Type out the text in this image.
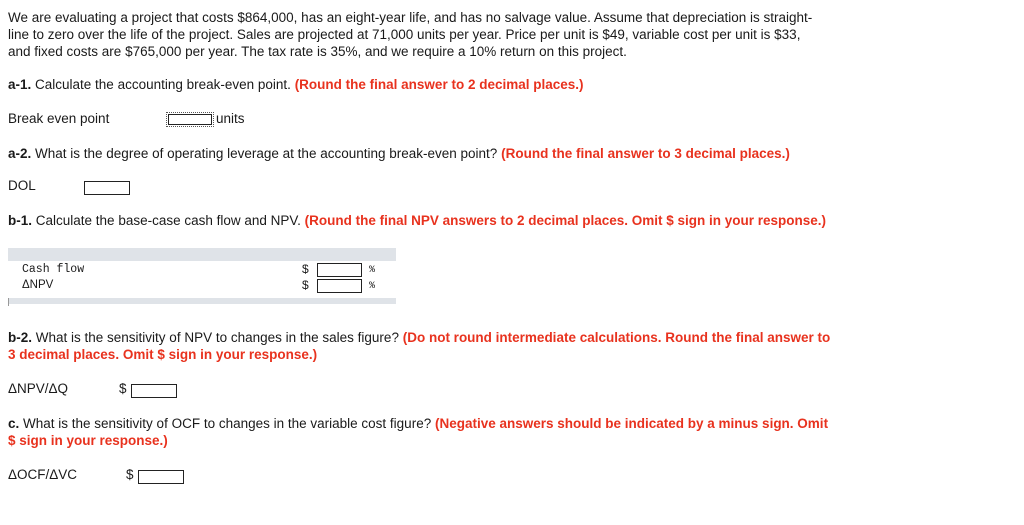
We are evaluating a project that costs $864,000, has an eight-year life, and has no salvage value. Assume that depreciation is straight-
line to zero over the life of the project. Sales are projected at 71,000 units per year. Price per unit is $49, variable cost per unit is $33,
and fixed costs are $765,000 per year. The tax rate is 35%, and we require a 10% return on this project.
a-1. Calculate the accounting break-even point. (Round the final answer to 2 decimal places.)
Break even point	units
a-2. What is the degree of operating leverage at the accounting break-even point? (Round the final answer to 3 decimal places.)
DOL
b-1. Calculate the base-case cash flow and NPV. (Round the final NPV answers to 2 decimal places. Omit $ sign in your response.)
Cash flow	$	%
ΔNPV	$	%
b-2. What is the sensitivity of NPV to changes in the sales figure? (Do not round intermediate calculations. Round the final answer to
3 decimal places. Omit $ sign in your response.)
ΔNPV/ΔQ	$
c. What is the sensitivity of OCF to changes in the variable cost figure? (Negative answers should be indicated by a minus sign. Omit
$ sign in your response.)
ΔOCF/ΔVC	$
